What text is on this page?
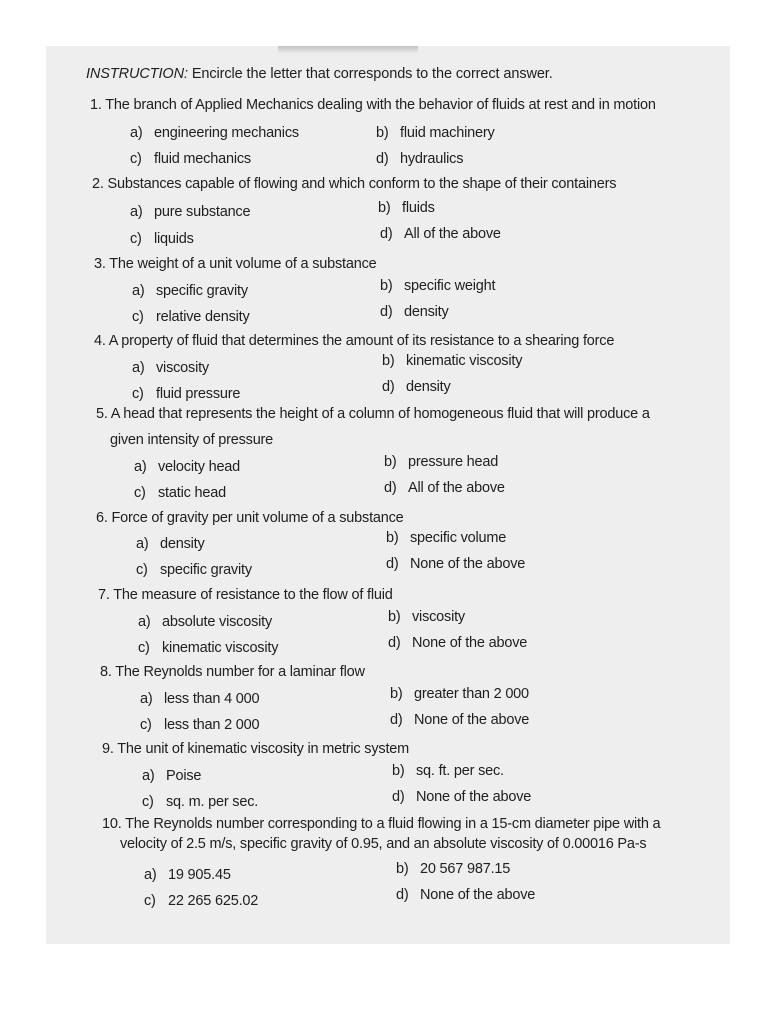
INSTRUCTION: Encircle the letter that corresponds to the correct answer.
1. The branch of Applied Mechanics dealing with the behavior of fluids at rest and in motion
a) engineering mechanics	b) fluid machinery
c) fluid mechanics	d) hydraulics
2. Substances capable of flowing and which conform to the shape of their containers
a) pure substance	b) fluids
c) liquids	d) All of the above
3. The weight of a unit volume of a substance
a) specific gravity	b) specific weight
c) relative density	d) density
4. A property of fluid that determines the amount of its resistance to a shearing force
a) viscosity	b) kinematic viscosity
c) fluid pressure	d) density
5. A head that represents the height of a column of homogeneous fluid that will produce a
given intensity of pressure
a) velocity head	b) pressure head
c) static head	d) All of the above
6. Force of gravity per unit volume of a substance
a) density	b) specific volume
c) specific gravity	d) None of the above
7. The measure of resistance to the flow of fluid
a) absolute viscosity	b) viscosity
c) kinematic viscosity	d) None of the above
8. The Reynolds number for a laminar flow
a) less than 4 000	b) greater than 2 000
c) less than 2 000	d) None of the above
9. The unit of kinematic viscosity in metric system
a) Poise	b) sq. ft. per sec.
c) sq. m. per sec.	d) None of the above
10. The Reynolds number corresponding to a fluid flowing in a 15-cm diameter pipe with a
velocity of 2.5 m/s, specific gravity of 0.95, and an absolute viscosity of 0.00016 Pa-s
a) 19 905.45	b) 20 567 987.15
c) 22 265 625.02	d) None of the above
